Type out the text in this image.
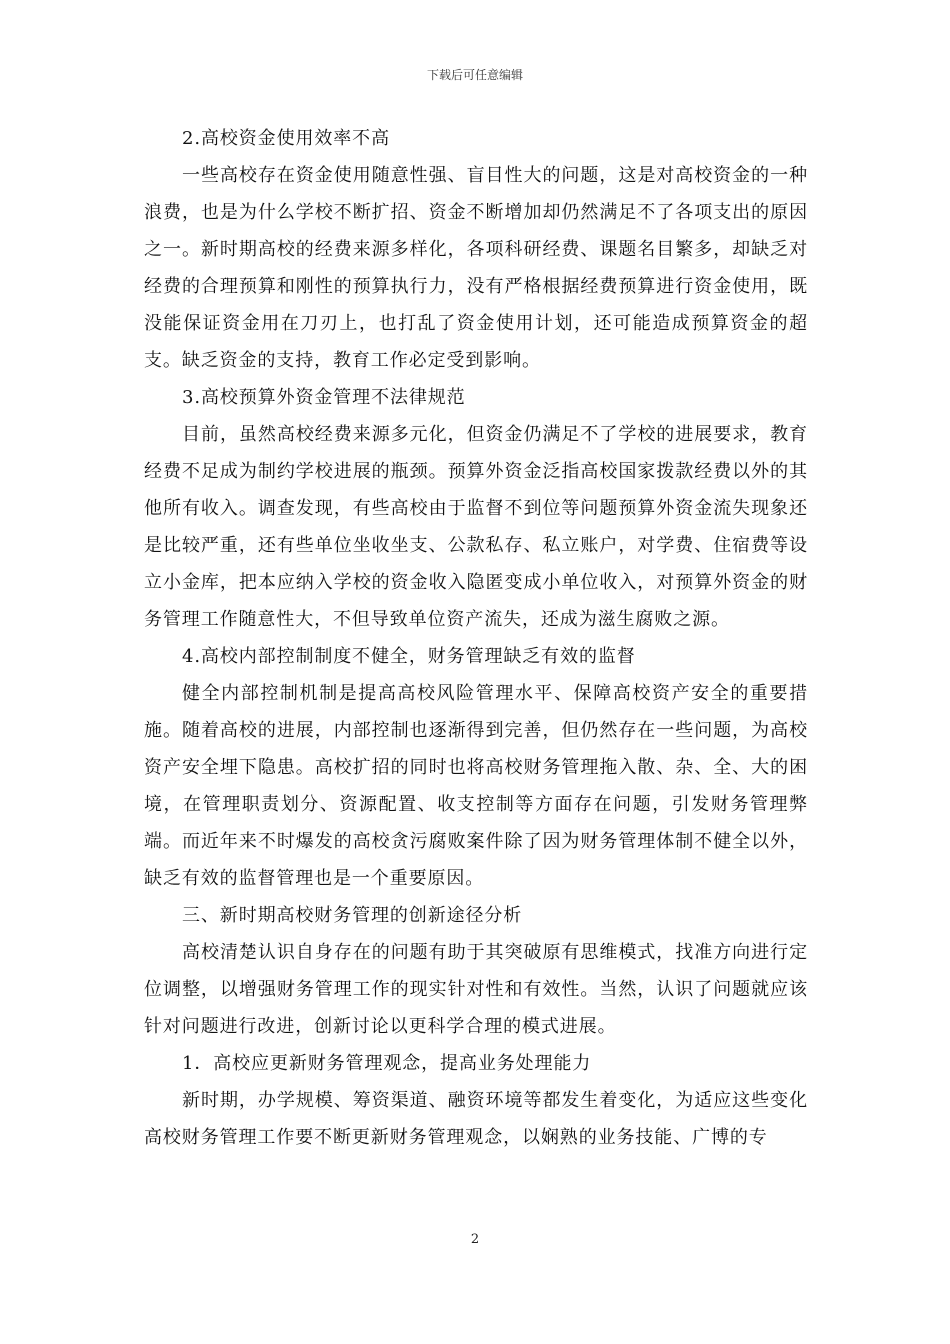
下载后可任意编辑

2.高校资金使用效率不高

一些高校存在资金使用随意性强、盲目性大的问题，这是对高校资金的一种浪费，也是为什么学校不断扩招、资金不断增加却仍然满足不了各项支出的原因之一。新时期高校的经费来源多样化，各项科研经费、课题名目繁多，却缺乏对经费的合理预算和刚性的预算执行力，没有严格根据经费预算进行资金使用，既没能保证资金用在刀刃上，也打乱了资金使用计划，还可能造成预算资金的超支。缺乏资金的支持，教育工作必定受到影响。

3.高校预算外资金管理不法律规范

目前，虽然高校经费来源多元化，但资金仍满足不了学校的进展要求，教育经费不足成为制约学校进展的瓶颈。预算外资金泛指高校国家拨款经费以外的其他所有收入。调查发现，有些高校由于监督不到位等问题预算外资金流失现象还是比较严重，还有些单位坐收坐支、公款私存、私立账户，对学费、住宿费等设立小金库，把本应纳入学校的资金收入隐匿变成小单位收入，对预算外资金的财务管理工作随意性大，不但导致单位资产流失，还成为滋生腐败之源。

4.高校内部控制制度不健全，财务管理缺乏有效的监督

健全内部控制机制是提高高校风险管理水平、保障高校资产安全的重要措施。随着高校的进展，内部控制也逐渐得到完善，但仍然存在一些问题，为高校资产安全埋下隐患。高校扩招的同时也将高校财务管理拖入散、杂、全、大的困境，在管理职责划分、资源配置、收支控制等方面存在问题，引发财务管理弊端。而近年来不时爆发的高校贪污腐败案件除了因为财务管理体制不健全以外，缺乏有效的监督管理也是一个重要原因。

三、新时期高校财务管理的创新途径分析

高校清楚认识自身存在的问题有助于其突破原有思维模式，找准方向进行定位调整，以增强财务管理工作的现实针对性和有效性。当然，认识了问题就应该针对问题进行改进，创新讨论以更科学合理的模式进展。

1．高校应更新财务管理观念，提高业务处理能力

新时期，办学规模、筹资渠道、融资环境等都发生着变化，为适应这些变化高校财务管理工作要不断更新财务管理观念，以娴熟的业务技能、广博的专

2
